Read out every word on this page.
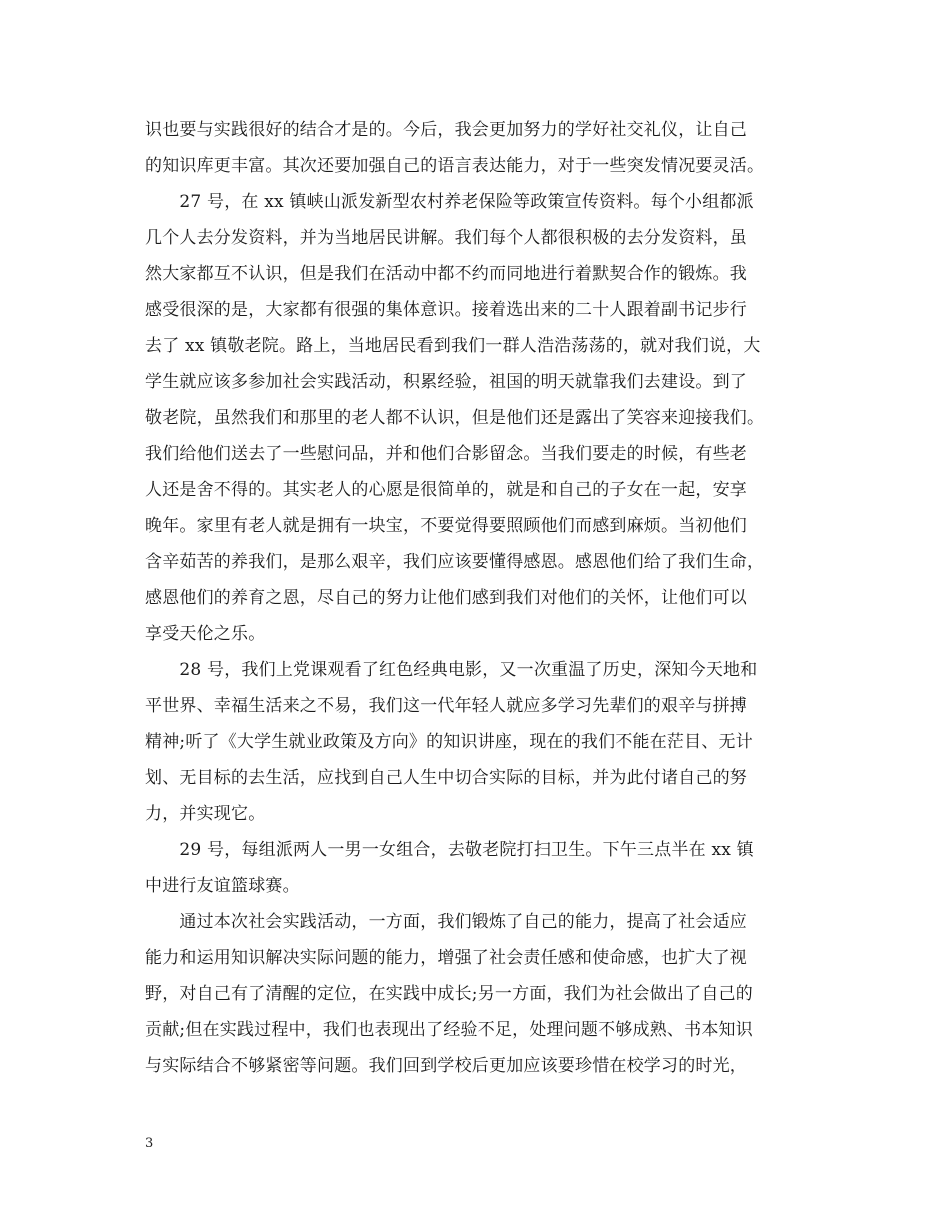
识也要与实践很好的结合才是的。今后，我会更加努力的学好社交礼仪，让自己
的知识库更丰富。其次还要加强自己的语言表达能力，对于一些突发情况要灵活。
　　27 号，在 xx 镇峡山派发新型农村养老保险等政策宣传资料。每个小组都派
几个人去分发资料，并为当地居民讲解。我们每个人都很积极的去分发资料，虽
然大家都互不认识，但是我们在活动中都不约而同地进行着默契合作的锻炼。我
感受很深的是，大家都有很强的集体意识。接着选出来的二十人跟着副书记步行
去了 xx 镇敬老院。路上，当地居民看到我们一群人浩浩荡荡的，就对我们说，大
学生就应该多参加社会实践活动，积累经验，祖国的明天就靠我们去建设。到了
敬老院，虽然我们和那里的老人都不认识，但是他们还是露出了笑容来迎接我们。
我们给他们送去了一些慰问品，并和他们合影留念。当我们要走的时候，有些老
人还是舍不得的。其实老人的心愿是很简单的，就是和自己的子女在一起，安享
晚年。家里有老人就是拥有一块宝，不要觉得要照顾他们而感到麻烦。当初他们
含辛茹苦的养我们，是那么艰辛，我们应该要懂得感恩。感恩他们给了我们生命，
感恩他们的养育之恩，尽自己的努力让他们感到我们对他们的关怀，让他们可以
享受天伦之乐。
　　28 号，我们上党课观看了红色经典电影，又一次重温了历史，深知今天地和
平世界、幸福生活来之不易，我们这一代年轻人就应多学习先辈们的艰辛与拼搏
精神;听了《大学生就业政策及方向》的知识讲座，现在的我们不能在茫目、无计
划、无目标的去生活，应找到自己人生中切合实际的目标，并为此付诸自己的努
力，并实现它。
　　29 号，每组派两人一男一女组合，去敬老院打扫卫生。下午三点半在 xx 镇
中进行友谊篮球赛。
　　通过本次社会实践活动，一方面，我们锻炼了自己的能力，提高了社会适应
能力和运用知识解决实际问题的能力，增强了社会责任感和使命感，也扩大了视
野，对自己有了清醒的定位，在实践中成长;另一方面，我们为社会做出了自己的
贡献;但在实践过程中，我们也表现出了经验不足，处理问题不够成熟、书本知识
与实际结合不够紧密等问题。我们回到学校后更加应该要珍惜在校学习的时光，
3
